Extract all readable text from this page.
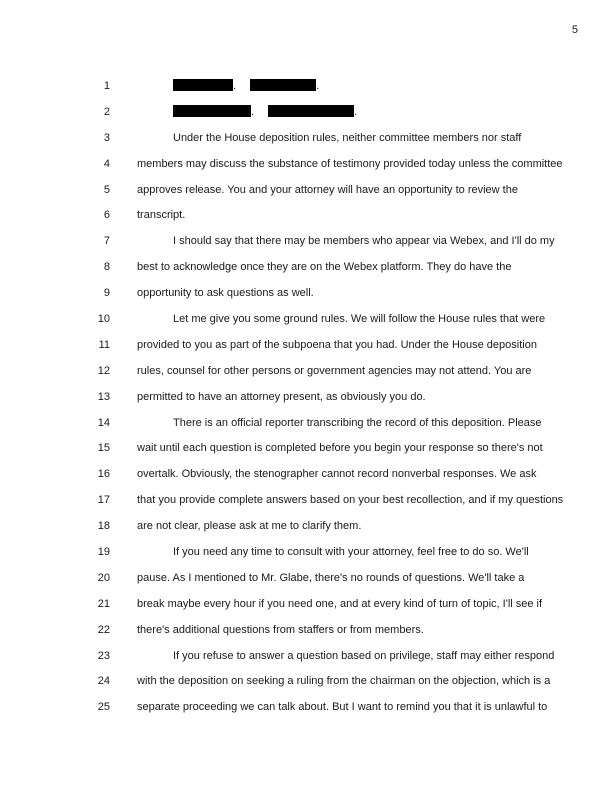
5
1	.	.
2	.	.
3	Under the House deposition rules, neither committee members nor staff
4 members may discuss the substance of testimony provided today unless the committee
5 approves release. You and your attorney will have an opportunity to review the
6 transcript.
7	I should say that there may be members who appear via Webex, and I'll do my
8 best to acknowledge once they are on the Webex platform. They do have the
9 opportunity to ask questions as well.
10	Let me give you some ground rules. We will follow the House rules that were
11 provided to you as part of the subpoena that you had. Under the House deposition
12 rules, counsel for other persons or government agencies may not attend. You are
13 permitted to have an attorney present, as obviously you do.
14	There is an official reporter transcribing the record of this deposition. Please
15 wait until each question is completed before you begin your response so there's not
16 overtalk. Obviously, the stenographer cannot record nonverbal responses. We ask
17 that you provide complete answers based on your best recollection, and if my questions
18 are not clear, please ask at me to clarify them.
19	If you need any time to consult with your attorney, feel free to do so. We'll
20 pause. As I mentioned to Mr. Glabe, there's no rounds of questions. We'll take a
21 break maybe every hour if you need one, and at every kind of turn of topic, I'll see if
22 there's additional questions from staffers or from members.
23	If you refuse to answer a question based on privilege, staff may either respond
24 with the deposition on seeking a ruling from the chairman on the objection, which is a
25 separate proceeding we can talk about. But I want to remind you that it is unlawful to
